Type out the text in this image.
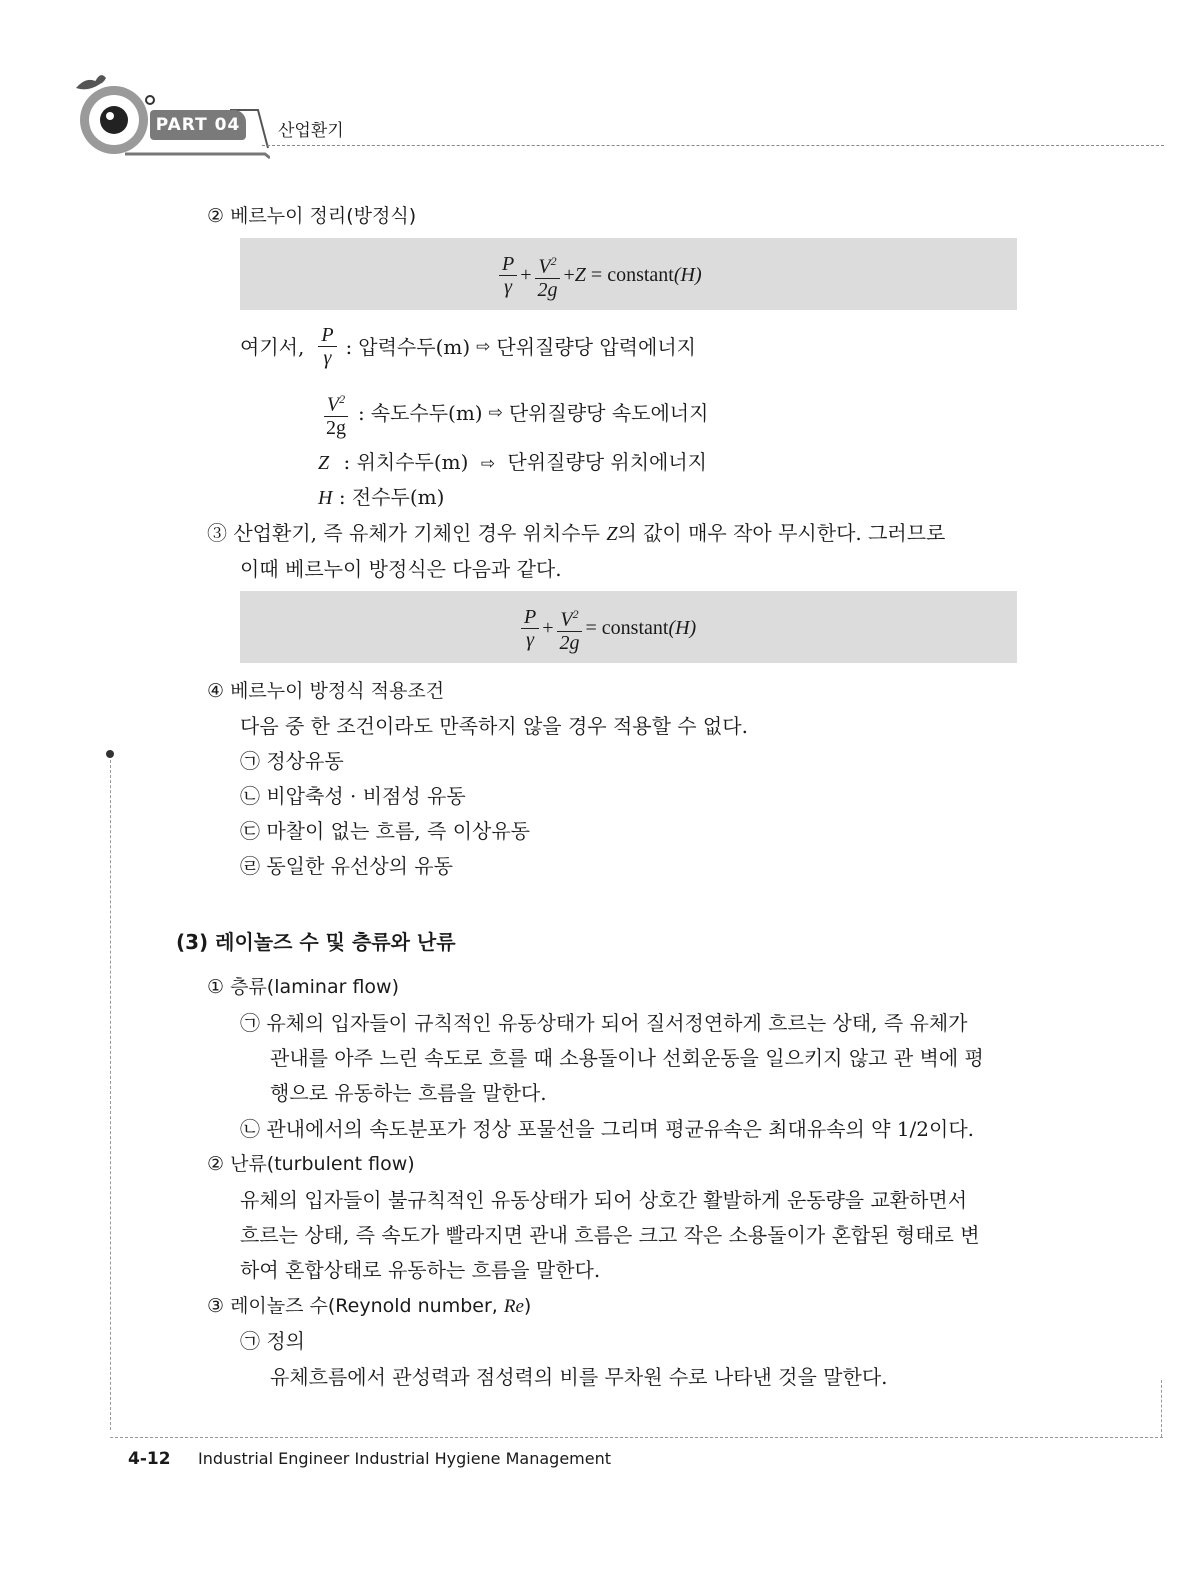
PART 04	산업환기
② 베르누이 정리(방정식)
$\frac{P}{\gamma} + \frac{V^2}{2g} + Z$ = constant (H)
여기서, $\frac{P}{\gamma}$ : 압력수두(m) ⇨ 단위질량당 압력에너지
$\frac{V^2}{2g}$ : 속도수두(m) ⇨ 단위질량당 속도에너지
Z : 위치수두(m) ⇨ 단위질량당 위치에너지
H : 전수두(m)
③ 산업환기, 즉 유체가 기체인 경우 위치수두 Z의 값이 매우 작아 무시한다. 그러므로
이때 베르누이 방정식은 다음과 같다.
$\frac{P}{\gamma} + \frac{V^2}{2g}$ = constant (H)
④ 베르누이 방정식 적용조건
다음 중 한 조건이라도 만족하지 않을 경우 적용할 수 없다.
㉠ 정상유동
㉡ 비압축성 · 비점성 유동
㉢ 마찰이 없는 흐름, 즉 이상유동
㉣ 동일한 유선상의 유동
(3) 레이놀즈 수 및 층류와 난류
① 층류(laminar flow)
㉠ 유체의 입자들이 규칙적인 유동상태가 되어 질서정연하게 흐르는 상태, 즉 유체가
관내를 아주 느린 속도로 흐를 때 소용돌이나 선회운동을 일으키지 않고 관 벽에 평
행으로 유동하는 흐름을 말한다.
㉡ 관내에서의 속도분포가 정상 포물선을 그리며 평균유속은 최대유속의 약 1/2이다.
② 난류(turbulent flow)
유체의 입자들이 불규칙적인 유동상태가 되어 상호간 활발하게 운동량을 교환하면서
흐르는 상태, 즉 속도가 빨라지면 관내 흐름은 크고 작은 소용돌이가 혼합된 형태로 변
하여 혼합상태로 유동하는 흐름을 말한다.
③ 레이놀즈 수(Reynold number, Re)
㉠ 정의
유체흐름에서 관성력과 점성력의 비를 무차원 수로 나타낸 것을 말한다.
4-12 Industrial Engineer Industrial Hygiene Management
